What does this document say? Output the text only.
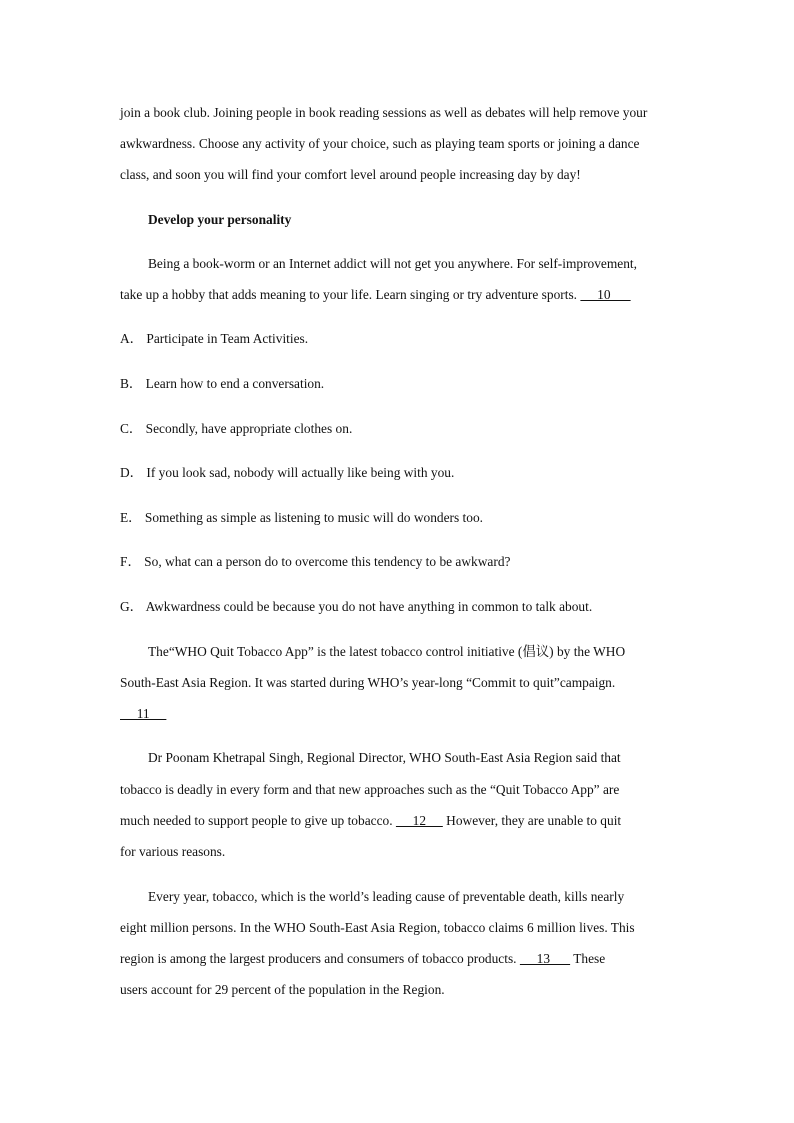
join a book club. Joining people in book reading sessions as well as debates will help remove your
awkwardness. Choose any activity of your choice, such as playing team sports or joining a dance
class, and soon you will find your comfort level around people increasing day by day!
Develop your personality
Being a book-worm or an Internet addict will not get you anywhere. For self-improvement,
take up a hobby that adds meaning to your life. Learn singing or try adventure sports.      10
A． Participate in Team Activities.
B． Learn how to end a conversation.
C． Secondly, have appropriate clothes on.
D． If you look sad, nobody will actually like being with you.
E． Something as simple as listening to music will do wonders too.
F． So, what can a person do to overcome this tendency to be awkward?
G． Awkwardness could be because you do not have anything in common to talk about.
The“WHO Quit Tobacco App” is the latest tobacco control initiative (倡议) by the WHO
South-East Asia Region. It was started during WHO’s year-long “Commit to quit”campaign.
11
Dr Poonam Khetrapal Singh, Regional Director, WHO South-East Asia Region said that
tobacco is deadly in every form and that new approaches such as the “Quit Tobacco App” are
much needed to support people to give up tobacco.      12      However, they are unable to quit
for various reasons.
Every year, tobacco, which is the world’s leading cause of preventable death, kills nearly
eight million persons. In the WHO South-East Asia Region, tobacco claims 6 million lives. This
region is among the largest producers and consumers of tobacco products.      13       These
users account for 29 percent of the population in the Region.
